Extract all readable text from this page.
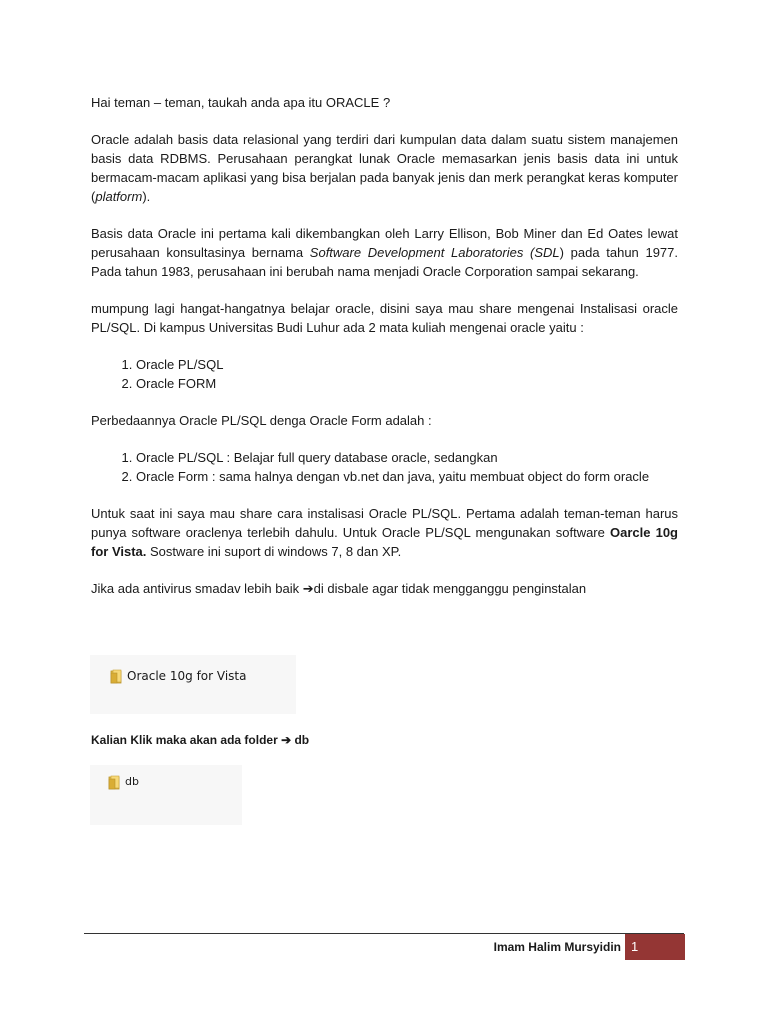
Hai teman – teman, taukah anda apa itu ORACLE ?

Oracle adalah basis data relasional yang terdiri dari kumpulan data dalam suatu sistem manajemen basis data RDBMS. Perusahaan perangkat lunak Oracle memasarkan jenis basis data ini untuk bermacam-macam aplikasi yang bisa berjalan pada banyak jenis dan merk perangkat keras komputer (platform).

Basis data Oracle ini pertama kali dikembangkan oleh Larry Ellison, Bob Miner dan Ed Oates lewat perusahaan konsultasinya bernama Software Development Laboratories (SDL) pada tahun 1977. Pada tahun 1983, perusahaan ini berubah nama menjadi Oracle Corporation sampai sekarang.

mumpung lagi hangat-hangatnya belajar oracle, disini saya mau share mengenai Instalisasi oracle PL/SQL. Di kampus Universitas Budi Luhur ada 2 mata kuliah mengenai oracle yaitu :

1. Oracle PL/SQL
2. Oracle FORM

Perbedaannya Oracle PL/SQL denga Oracle Form adalah :

1. Oracle PL/SQL : Belajar full query database oracle, sedangkan
2. Oracle Form : sama halnya dengan vb.net dan java, yaitu membuat object do form oracle

Untuk saat ini saya mau share cara instalisasi Oracle PL/SQL. Pertama adalah teman-teman harus punya software oraclenya terlebih dahulu. Untuk Oracle PL/SQL mengunakan software Oarcle 10g for Vista. Sostware ini suport di windows 7, 8 dan XP.

Jika ada antivirus smadav lebih baik ➔di disbale agar tidak mengganggu penginstalan

Oracle 10g for Vista
Kalian Klik maka akan ada folder ➔ db
db
Imam Halim Mursyidin 1
